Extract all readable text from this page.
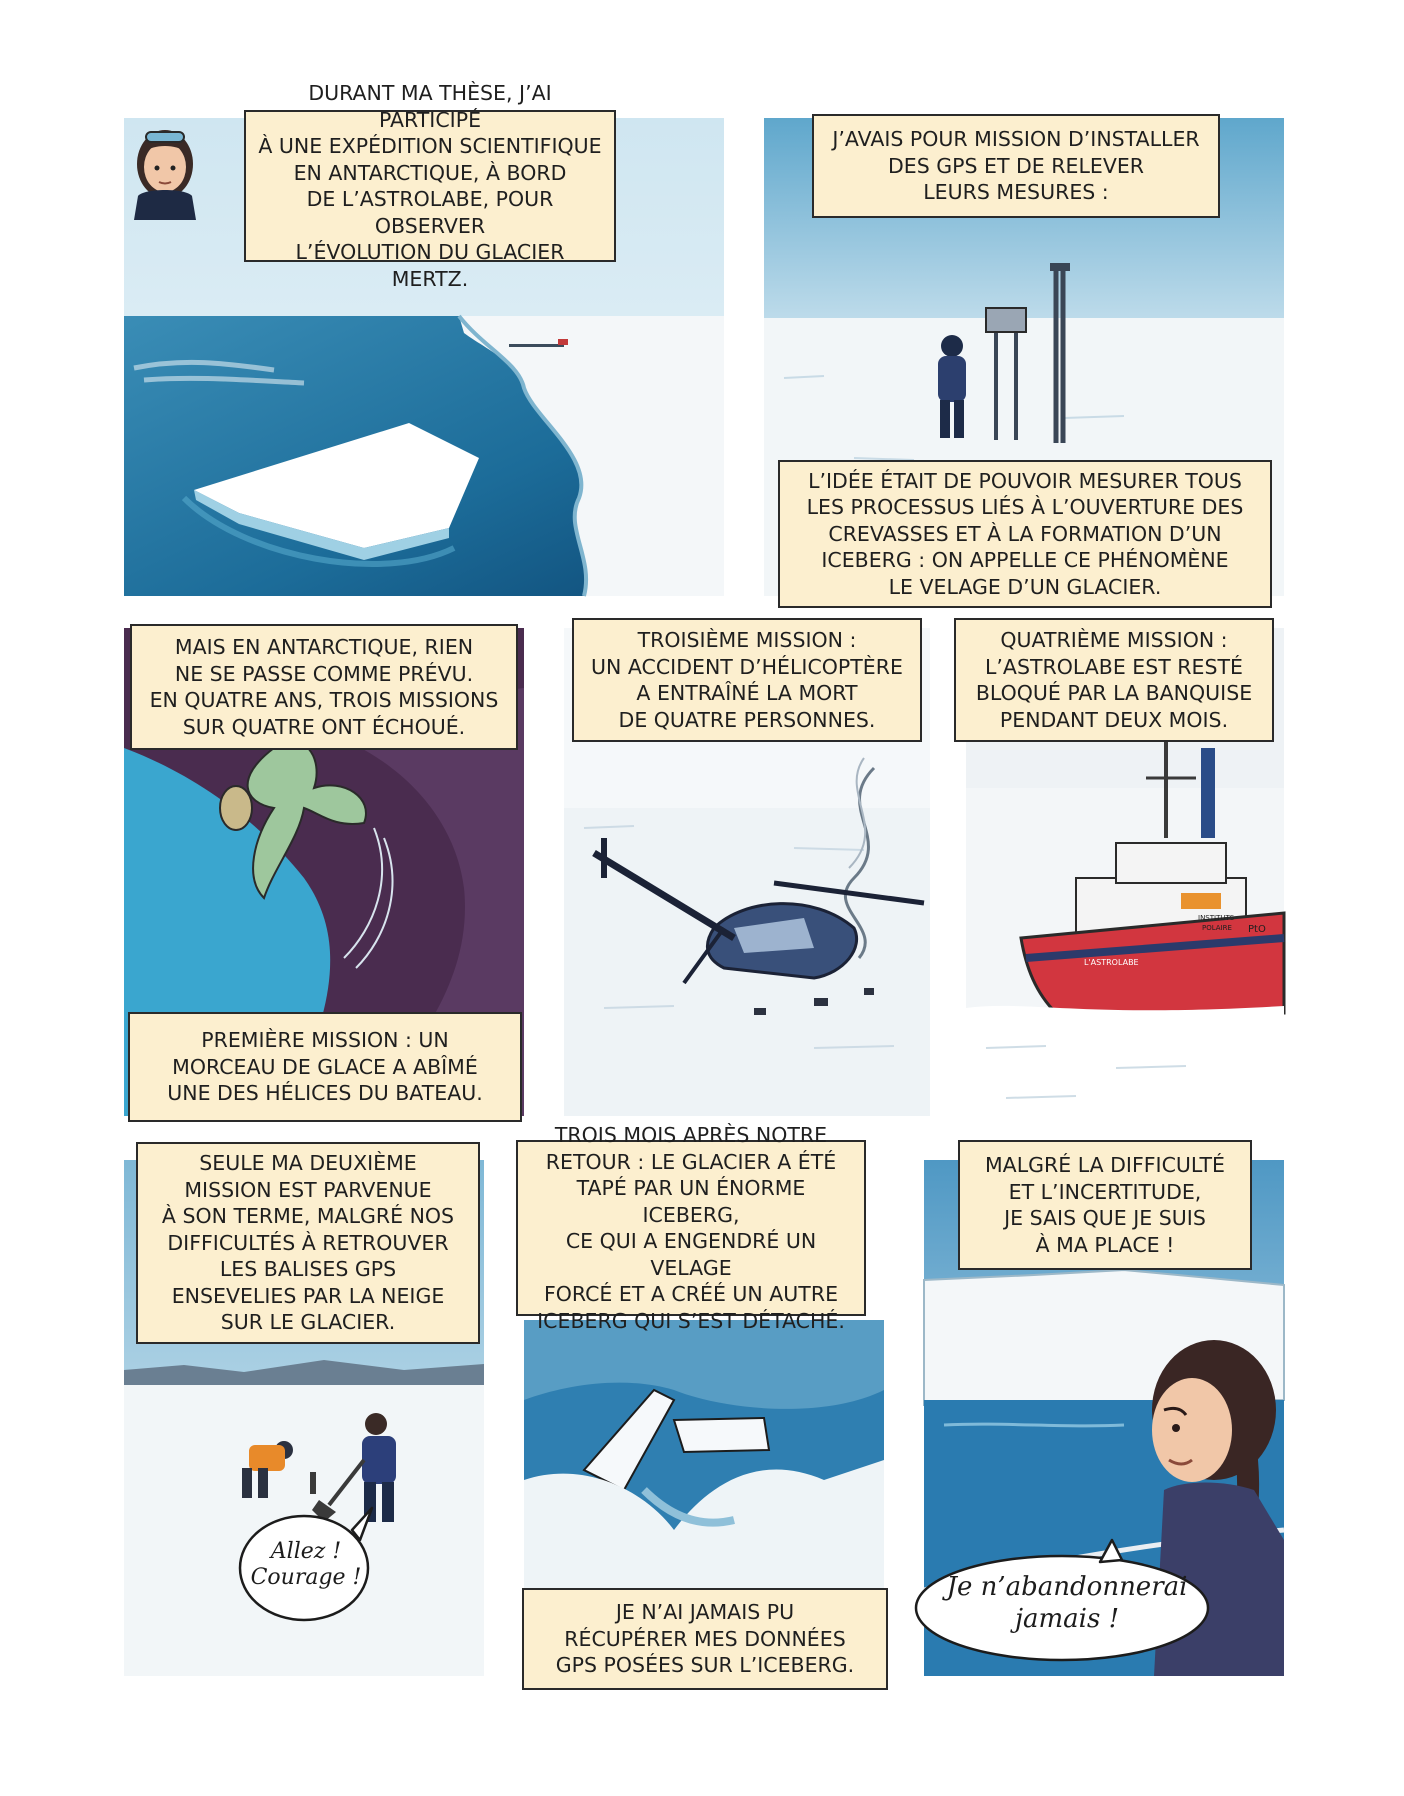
DURANT MA THÈSE, J’AI PARTICIPÉ
À UNE EXPÉDITION SCIENTIFIQUE
EN ANTARCTIQUE, À BORD
DE L’ASTROLABE, POUR OBSERVER
L’ÉVOLUTION DU GLACIER MERTZ.
J’AVAIS POUR MISSION D’INSTALLER
DES GPS ET DE RELEVER
LEURS MESURES :
L’IDÉE ÉTAIT DE POUVOIR MESURER TOUS
LES PROCESSUS LIÉS À L’OUVERTURE DES
CREVASSES ET À LA FORMATION D’UN
ICEBERG : ON APPELLE CE PHÉNOMÈNE
LE VELAGE D’UN GLACIER.
MAIS EN ANTARCTIQUE, RIEN
NE SE PASSE COMME PRÉVU.
EN QUATRE ANS, TROIS MISSIONS
SUR QUATRE ONT ÉCHOUÉ.
PREMIÈRE MISSION : UN
MORCEAU DE GLACE A ABÎMÉ
UNE DES HÉLICES DU BATEAU.
TROISIÈME MISSION :
UN ACCIDENT D’HÉLICOPTÈRE
A ENTRAÎNÉ LA MORT
DE QUATRE PERSONNES.
L'ASTROLABE
INSTITUTS
POLAIRE PtO
QUATRIÈME MISSION :
L’ASTROLABE EST RESTÉ
BLOQUÉ PAR LA BANQUISE
PENDANT DEUX MOIS.
SEULE MA DEUXIÈME
MISSION EST PARVENUE
À SON TERME, MALGRÉ NOS
DIFFICULTÉS À RETROUVER
LES BALISES GPS
ENSEVELIES PAR LA NEIGE
SUR LE GLACIER.
Allez !
Courage !
TROIS MOIS APRÈS NOTRE
RETOUR : LE GLACIER A ÉTÉ
TAPÉ PAR UN ÉNORME ICEBERG,
CE QUI A ENGENDRÉ UN VELAGE
FORCÉ ET A CRÉÉ UN AUTRE
ICEBERG QUI S’EST DÉTACHÉ.
JE N’AI JAMAIS PU
RÉCUPÉRER MES DONNÉES
GPS POSÉES SUR L’ICEBERG.
MALGRÉ LA DIFFICULTÉ
ET L’INCERTITUDE,
JE SAIS QUE JE SUIS
À MA PLACE !
Je n’abandonnerai
jamais !
